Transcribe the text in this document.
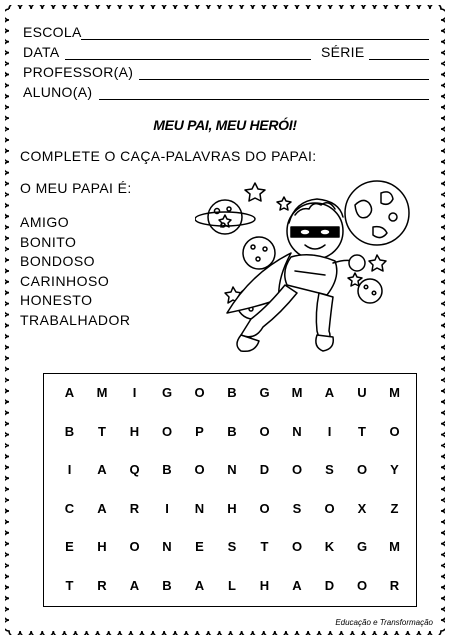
ESCOLA
DATA	SÉRIE
PROFESSOR(A)
ALUNO(A)
MEU PAI, MEU HERÓI!
COMPLETE O CAÇA-PALAVRAS DO PAPAI:
O MEU PAPAI É:
AMIGO
BONITO
BONDOSO
CARINHOSO
HONESTO
TRABALHADOR
A	M	I	G	O	B	G	M	A	U	M
B	T	H	O	P	B	O	N	I	T	O
I	A	Q	B	O	N	D	O	S	O	Y
C	A	R	I	N	H	O	S	O	X	Z
E	H	O	N	E	S	T	O	K	G	M
T	R	A	B	A	L	H	A	D	O	R
Educação e Transformação
